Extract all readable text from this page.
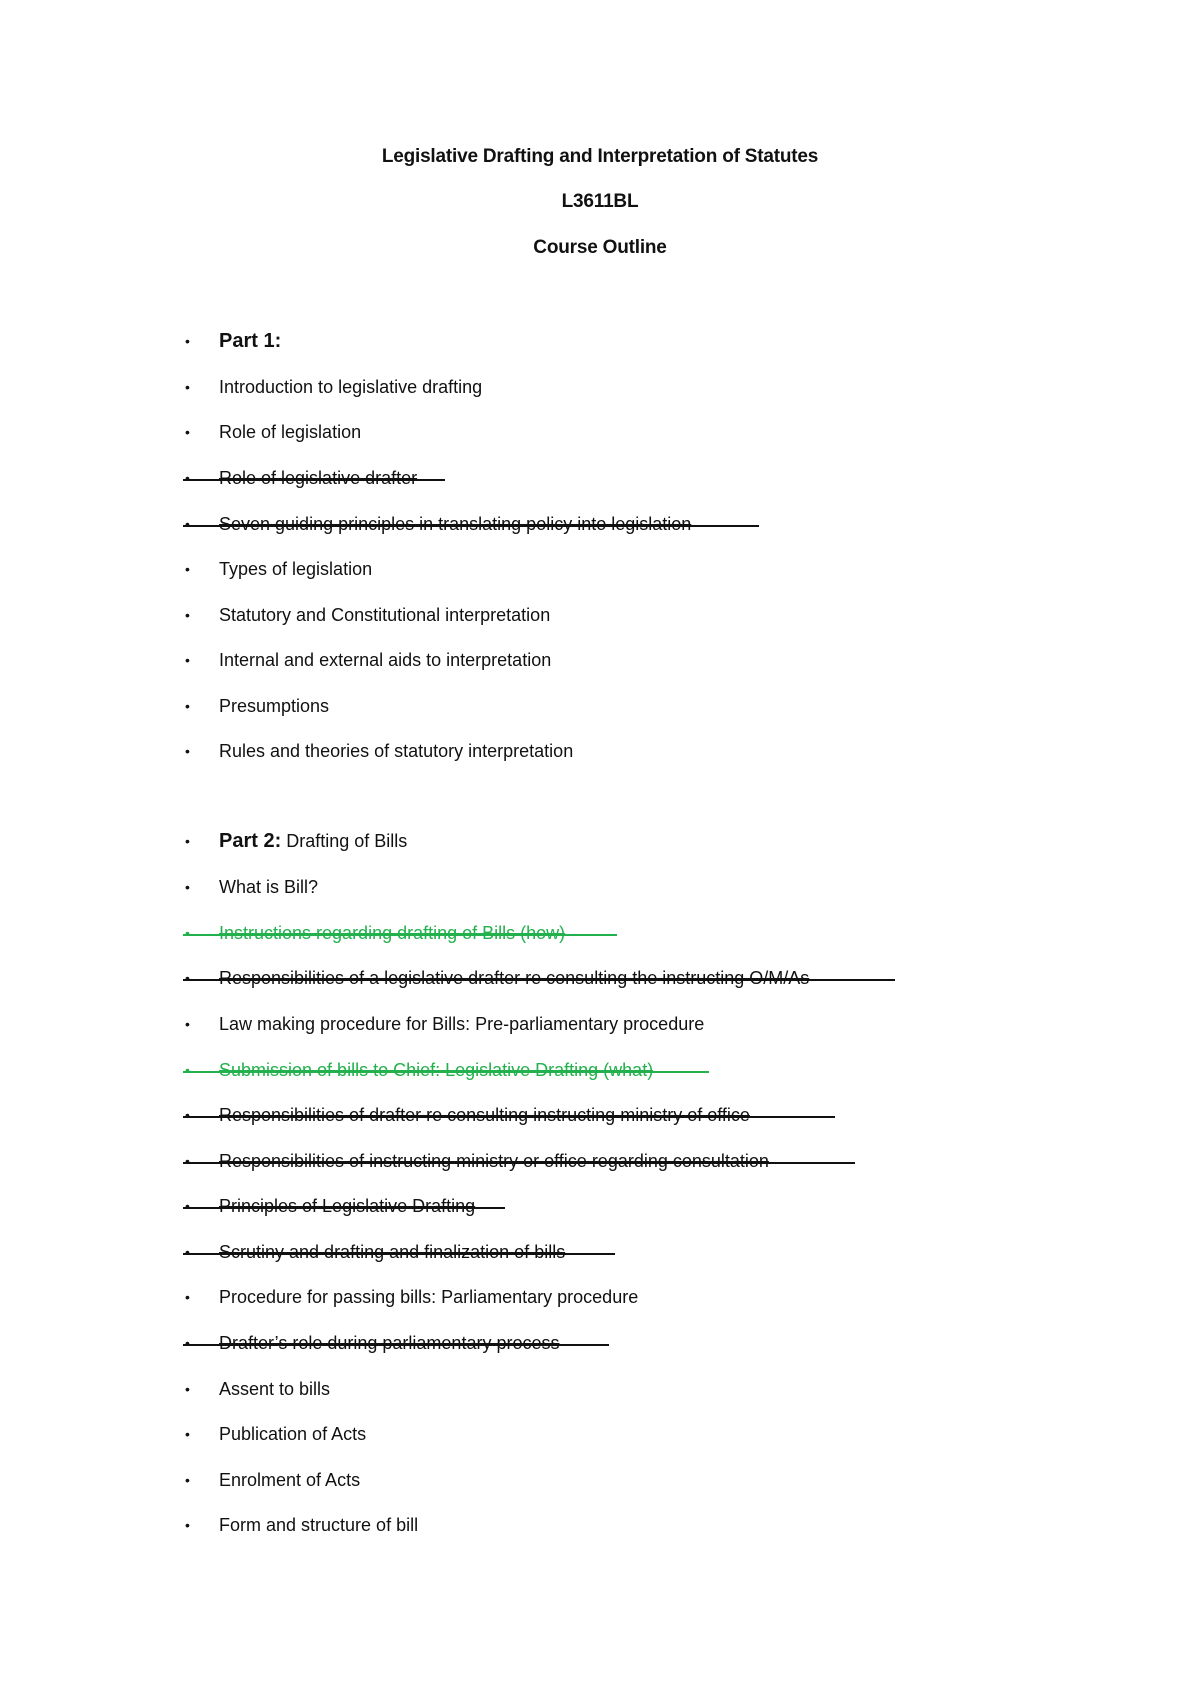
Legislative Drafting and Interpretation of Statutes
L3611BL
Course Outline
• Part 1:
• Introduction to legislative drafting
• Role of legislation
• Role of legislative drafter
• Seven guiding principles in translating policy into legislation
• Types of legislation
• Statutory and Constitutional interpretation
• Internal and external aids to interpretation
• Presumptions
• Rules and theories of statutory interpretation
• Part 2: Drafting of Bills
• What is Bill?
• Instructions regarding drafting of Bills (how)
• Responsibilities of a legislative drafter re consulting the instructing O/M/As
• Law making procedure for Bills: Pre-parliamentary procedure
• Submission of bills to Chief: Legislative Drafting (what)
• Responsibilities of drafter re consulting instructing ministry of office
• Responsibilities of instructing ministry or office regarding consultation
• Principles of Legislative Drafting
• Scrutiny and drafting and finalization of bills
• Procedure for passing bills: Parliamentary procedure
• Drafter’s role during parliamentary process
• Assent to bills
• Publication of Acts
• Enrolment of Acts
• Form and structure of bill
